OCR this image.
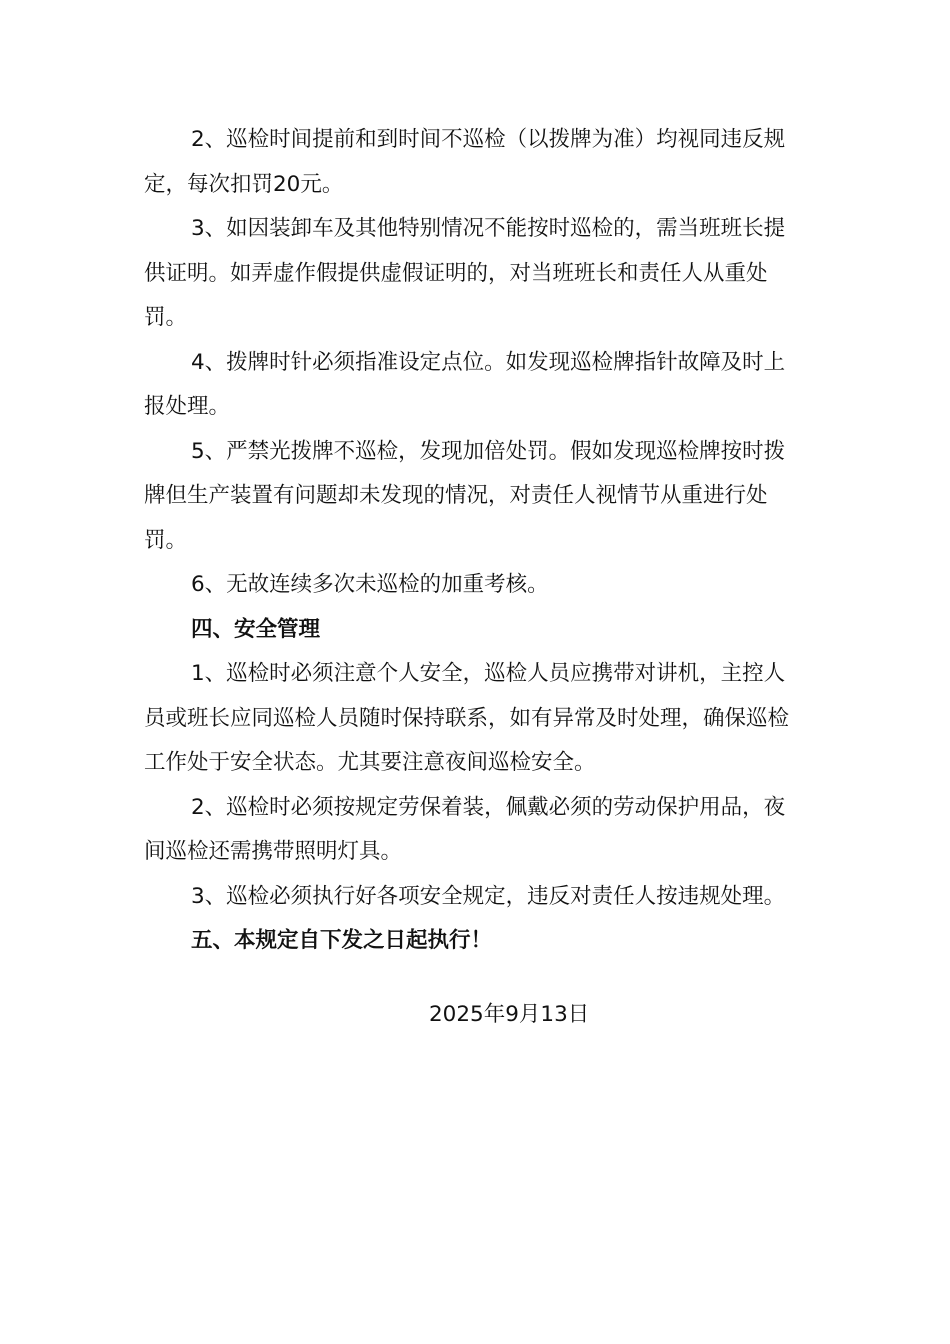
2、巡检时间提前和到时间不巡检（以拨牌为准）均视同违反规定，每次扣罚20元。

3、如因装卸车及其他特别情况不能按时巡检的，需当班班长提供证明。如弄虚作假提供虚假证明的，对当班班长和责任人从重处罚。

4、拨牌时针必须指准设定点位。如发现巡检牌指针故障及时上报处理。

5、严禁光拨牌不巡检，发现加倍处罚。假如发现巡检牌按时拨牌但生产装置有问题却未发现的情况，对责任人视情节从重进行处罚。

6、无故连续多次未巡检的加重考核。

四、安全管理

1、巡检时必须注意个人安全，巡检人员应携带对讲机，主控人员或班长应同巡检人员随时保持联系，如有异常及时处理，确保巡检工作处于安全状态。尤其要注意夜间巡检安全。

2、巡检时必须按规定劳保着装，佩戴必须的劳动保护用品，夜间巡检还需携带照明灯具。

3、巡检必须执行好各项安全规定，违反对责任人按违规处理。

五、本规定自下发之日起执行！

2025年9月13日
